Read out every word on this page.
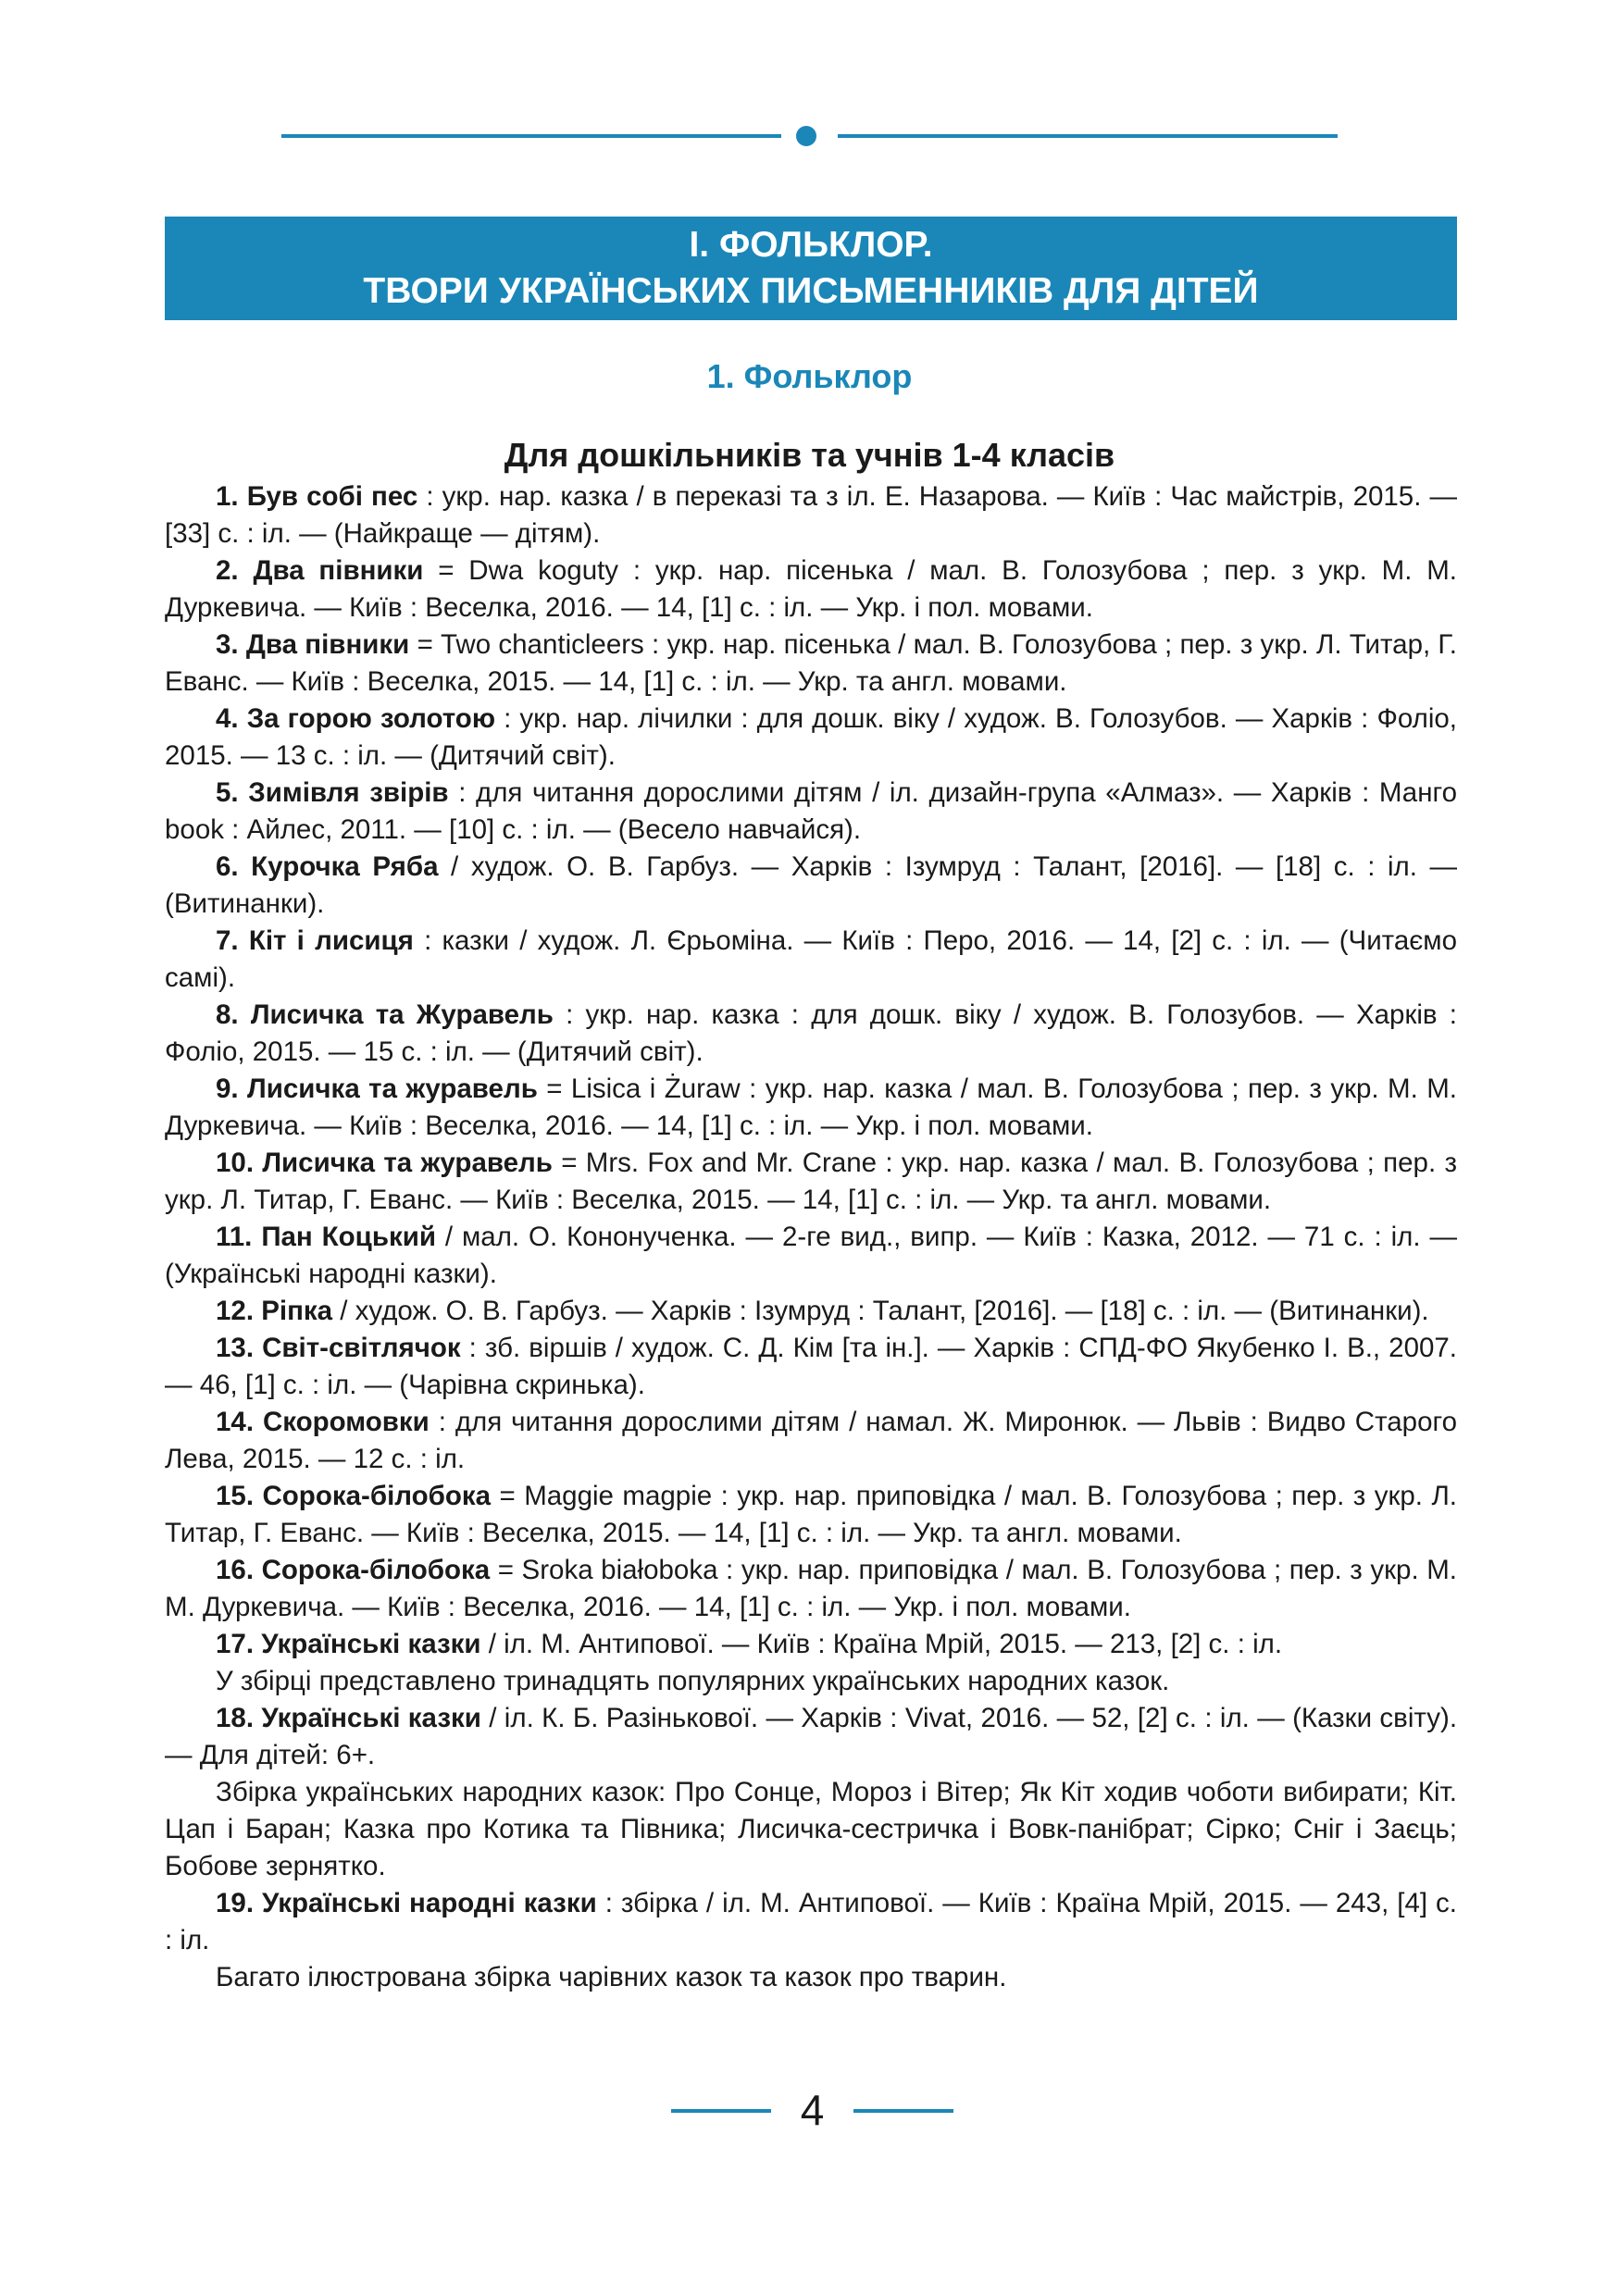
І. ФОЛЬКЛОР.
ТВОРИ УКРАЇНСЬКИХ ПИСЬМЕННИКІВ ДЛЯ ДІТЕЙ
1. Фольклор
Для дошкільників та учнів 1-4 класів

1. Був собі пес : укр. нар. казка / в переказі та з іл. Е. Назарова. — Київ : Час майстрів, 2015. — [33] с. : іл. — (Найкраще — дітям).

2. Два півники = Dwa koguty : укр. нар. пісенька / мал. В. Голозубова ; пер. з укр. М. М. Дуркевича. — Київ : Веселка, 2016. — 14, [1] с. : іл. — Укр. і пол. мовами.

3. Два півники = Two chanticleers : укр. нар. пісенька / мал. В. Голозубова ; пер. з укр. Л. Титар, Г. Еванс. — Київ : Веселка, 2015. — 14, [1] с. : іл. — Укр. та англ. мовами.

4. За горою золотою : укр. нар. лічилки : для дошк. віку / худож. В. Голозубов. — Харків : Фоліо, 2015. — 13 с. : іл. — (Дитячий світ).

5. Зимівля звірів : для читання дорослими дітям / іл. дизайн-група «Алмаз». — Харків : Манго book : Айлес, 2011. — [10] с. : іл. — (Весело навчайся).

6. Курочка Ряба / худож. О. В. Гарбуз. — Харків : Ізумруд : Талант, [2016]. — [18] с. : іл. — (Витинанки).

7. Кіт і лисиця : казки / худож. Л. Єрьоміна. — Київ : Перо, 2016. — 14, [2] с. : іл. — (Читаємо самі).

8. Лисичка та Журавель : укр. нар. казка : для дошк. віку / худож. В. Голозубов. — Харків : Фоліо, 2015. — 15 с. : іл. — (Дитячий світ).

9. Лисичка та журавель = Lisica i Żuraw : укр. нар. казка / мал. В. Голозубова ; пер. з укр. М. М. Дуркевича. — Київ : Веселка, 2016. — 14, [1] с. : іл. — Укр. і пол. мовами.

10. Лисичка та журавель = Mrs. Fox and Mr. Crane : укр. нар. казка / мал. В. Голозубова ; пер. з укр. Л. Титар, Г. Еванс. — Київ : Веселка, 2015. — 14, [1] с. : іл. — Укр. та англ. мовами.

11. Пан Коцький / мал. О. Конoнученка. — 2-ге вид., випр. — Київ : Казка, 2012. — 71 с. : іл. — (Українські народні казки).

12. Ріпка / худож. О. В. Гарбуз. — Харків : Ізумруд : Талант, [2016]. — [18] с. : іл. — (Витинанки).

13. Світ-світлячок : зб. віршів / худож. С. Д. Кім [та ін.]. — Харків : СПД-ФО Якубенко І. В., 2007. — 46, [1] с. : іл. — (Чарівна скринька).

14. Скоромовки : для читання дорослими дітям / намал. Ж. Миронюк. — Львів : Видво Старого Лева, 2015. — 12 с. : іл.

15. Сорока-білобока = Maggie magpie : укр. нар. приповідка / мал. В. Голозубова ; пер. з укр. Л. Титар, Г. Еванс. — Київ : Веселка, 2015. — 14, [1] с. : іл. — Укр. та англ. мовами.

16. Сорока-білобока = Sroka białoboka : укр. нар. приповідка / мал. В. Голозубова ; пер. з укр. М. М. Дуркевича. — Київ : Веселка, 2016. — 14, [1] с. : іл. — Укр. і пол. мовами.

17. Українські казки / іл. М. Антипової. — Київ : Країна Мрій, 2015. — 213, [2] с. : іл.

У збірці представлено тринадцять популярних українських народних казок.

18. Українські казки / іл. К. Б. Разінькової. — Харків : Vivat, 2016. — 52, [2] с. : іл. — (Казки світу). — Для дітей: 6+.

Збірка українських народних казок: Про Сонце, Мороз і Вітер; Як Кіт ходив чоботи вибирати; Кіт. Цап і Баран; Казка про Котика та Півника; Лисичка-сестричка і Вовк-панібрат; Сірко; Сніг і Заєць; Бобове зернятко.

19. Українські народні казки : збірка / іл. М. Антипової. — Київ : Країна Мрій, 2015. — 243, [4] с. : іл.

Багато ілюстрована збірка чарівних казок та казок про тварин.

4
